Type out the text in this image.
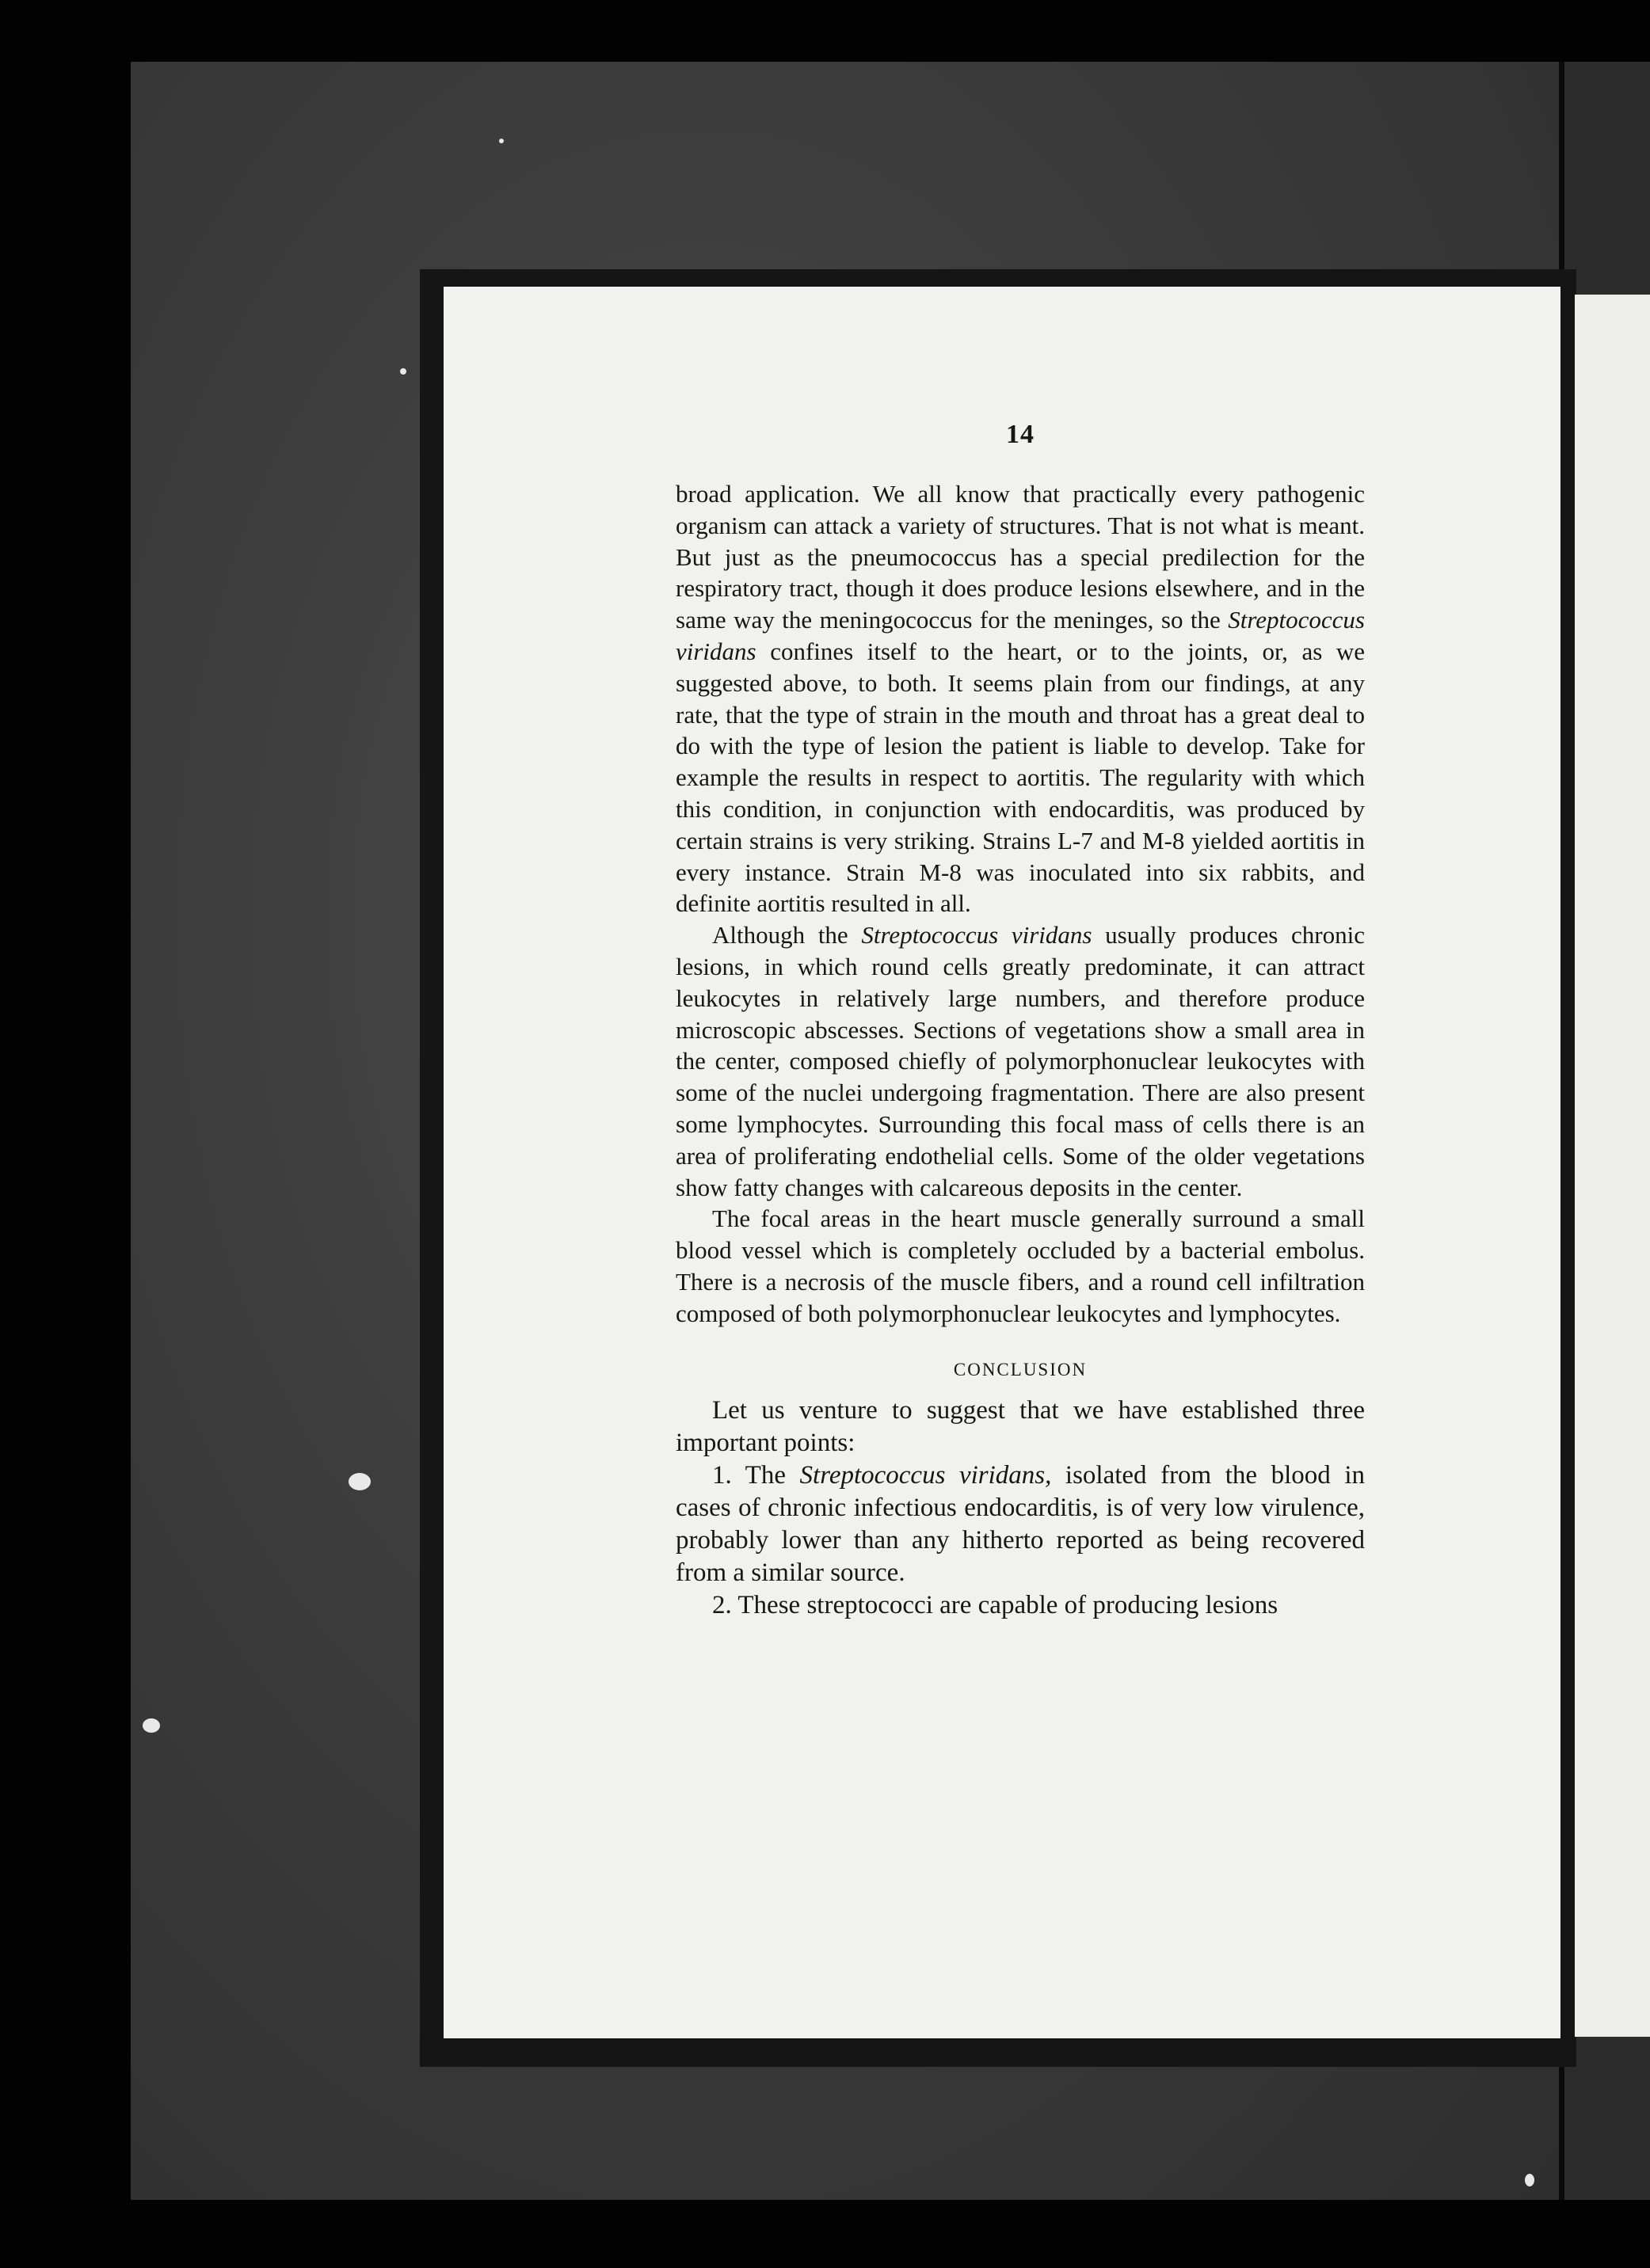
14

broad application. We all know that practically every pathogenic organism can attack a variety of structures. That is not what is meant. But just as the pneumococcus has a special predilection for the respiratory tract, though it does produce lesions elsewhere, and in the same way the meningococcus for the meninges, so the Streptococcus viridans confines itself to the heart, or to the joints, or, as we suggested above, to both. It seems plain from our findings, at any rate, that the type of strain in the mouth and throat has a great deal to do with the type of lesion the patient is liable to develop. Take for example the results in respect to aortitis. The regularity with which this condition, in conjunction with endocarditis, was produced by certain strains is very striking. Strains L-7 and M-8 yielded aortitis in every instance. Strain M-8 was inoculated into six rabbits, and definite aortitis resulted in all.

Although the Streptococcus viridans usually produces chronic lesions, in which round cells greatly predominate, it can attract leukocytes in relatively large numbers, and therefore produce microscopic abscesses. Sections of vegetations show a small area in the center, composed chiefly of polymorphonuclear leukocytes with some of the nuclei undergoing fragmentation. There are also present some lymphocytes. Surrounding this focal mass of cells there is an area of proliferating endothelial cells. Some of the older vegetations show fatty changes with calcareous deposits in the center.

The focal areas in the heart muscle generally surround a small blood vessel which is completely occluded by a bacterial embolus. There is a necrosis of the muscle fibers, and a round cell infiltration composed of both polymorphonuclear leukocytes and lymphocytes.

CONCLUSION

Let us venture to suggest that we have established three important points:

1. The Streptococcus viridans, isolated from the blood in cases of chronic infectious endocarditis, is of very low virulence, probably lower than any hitherto reported as being recovered from a similar source.

2. These streptococci are capable of producing lesions
